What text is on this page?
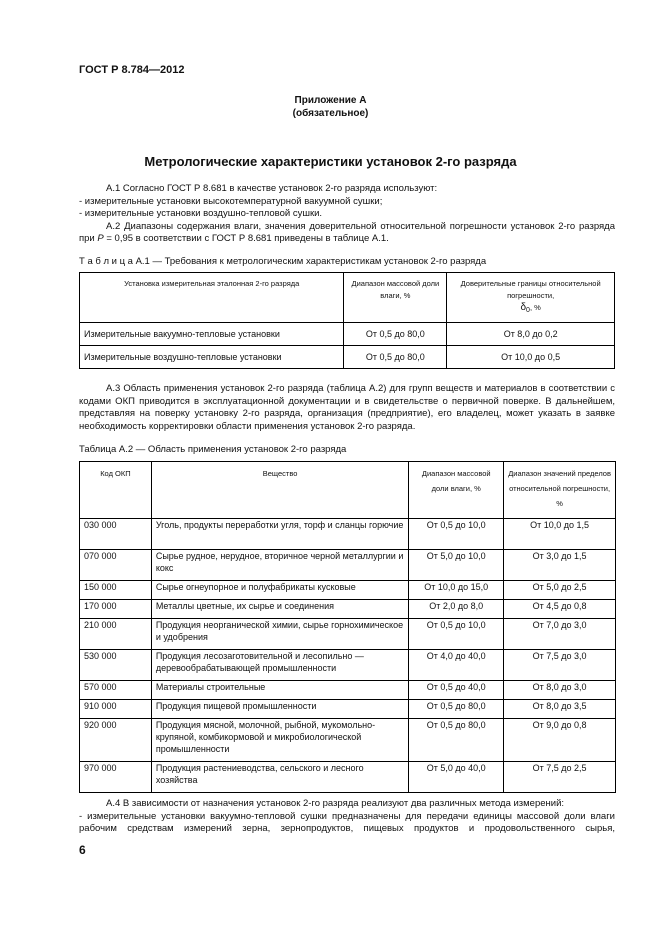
ГОСТ Р 8.784—2012
Приложение А
(обязательное)
Метрологические характеристики установок 2-го разряда

А.1 Согласно ГОСТ Р 8.681 в качестве установок 2-го разряда используют:

- измерительные установки высокотемпературной вакуумной сушки;

- измерительные установки воздушно-тепловой сушки.

А.2 Диапазоны содержания влаги, значения доверительной относительной погрешности установок 2-го разряда при P = 0,95 в соответствии с ГОСТ Р 8.681 приведены в таблице А.1.

Т а б л и ц а А.1 — Требования к метрологическим характеристикам установок 2-го разряда
Установка измерительная эталонная 2-го разряда	Диапазон массовой доли влаги, %	Доверительные границы относительной погрешности,
δ0, %
Измерительные вакуумно-тепловые установки	От 0,5 до 80,0	От 8,0 до 0,2
Измерительные воздушно-тепловые установки	От 0,5 до 80,0	От 10,0 до 0,5

А.3 Область применения установок 2-го разряда (таблица А.2) для групп веществ и материалов в соответствии с кодами ОКП приводится в эксплуатационной документации и в свидетельстве о первичной поверке. В дальнейшем, представляя на поверку установку 2-го разряда, организация (предприятие), его владелец, может указать в заявке необходимость корректировки области применения установок 2-го разряда.

Таблица А.2 — Область применения установок 2-го разряда
Код ОКП	Вещество	Диапазон массовой доли влаги, %	Диапазон значений пределов относительной погрешности, %
030 000	Уголь, продукты переработки угля, торф и сланцы горючие	От 0,5 до 10,0	От 10,0 до 1,5
070 000	Сырье рудное, нерудное, вторичное черной металлургии и кокс	От 5,0 до 10,0	От 3,0 до 1,5
150 000	Сырье огнеупорное и полуфабрикаты кусковые	От 10,0 до 15,0	От 5,0 до 2,5
170 000	Металлы цветные, их сырье и соединения	От 2,0 до 8,0	От 4,5 до 0,8
210 000	Продукция неорганической химии, сырье горнохимическое и удобрения	От 0,5 до 10,0	От 7,0 до 3,0
530 000	Продукция лесозаготовительной и лесопильно — деревообрабатывающей промышленности	От 4,0 до 40,0	От 7,5 до 3,0
570 000	Материалы строительные	От 0,5 до 40,0	От 8,0 до 3,0
910 000	Продукция пищевой промышленности	От 0,5 до 80,0	От 8,0 до 3,5
920 000	Продукция мясной, молочной, рыбной, мукомольно-крупяной, комбикормовой и микробиологической промышленности	От 0,5 до 80,0	От 9,0 до 0,8
970 000	Продукция растениеводства, сельского и лесного хозяйства	От 5,0 до 40,0	От 7,5 до 2,5

А.4 В зависимости от назначения установок 2-го разряда реализуют два различных метода измерений:

- измерительные установки вакуумно-тепловой сушки предназначены для передачи единицы массовой доли влаги рабочим средствам измерений зерна, зернопродуктов, пищевых продуктов и продовольственного сырья,

6
